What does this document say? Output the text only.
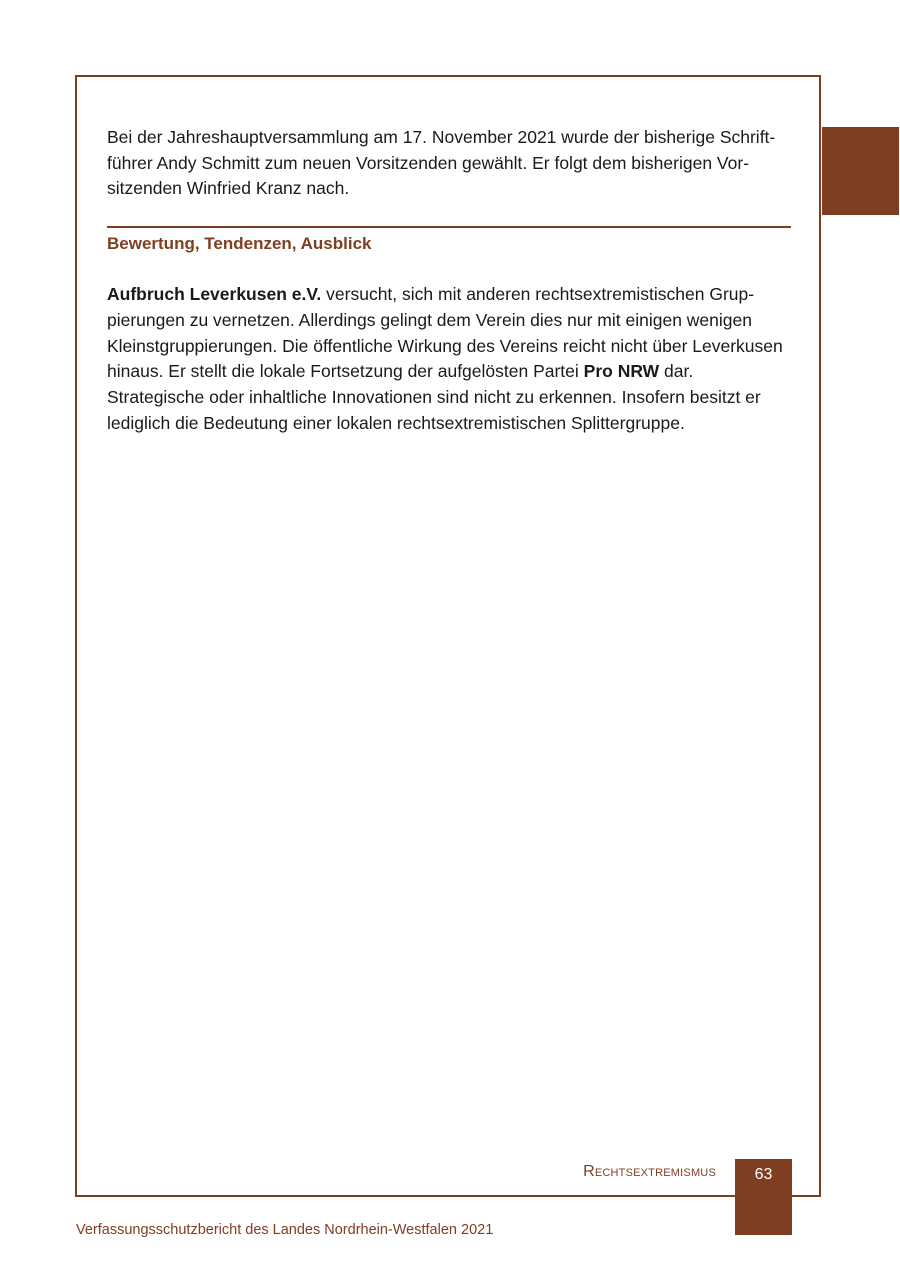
Bei der Jahreshauptversammlung am 17. November 2021 wurde der bisherige Schriftführer Andy Schmitt zum neuen Vorsitzenden gewählt. Er folgt dem bisherigen Vorsitzenden Winfried Kranz nach.

Bewertung, Tendenzen, Ausblick

Aufbruch Leverkusen e.V. versucht, sich mit anderen rechtsextremistischen Gruppierungen zu vernetzen. Allerdings gelingt dem Verein dies nur mit einigen wenigen Kleinstgruppierungen. Die öffentliche Wirkung des Vereins reicht nicht über Leverkusen hinaus. Er stellt die lokale Fortsetzung der aufgelösten Partei Pro NRW dar. Strategische oder inhaltliche Innovationen sind nicht zu erkennen. Insofern besitzt er lediglich die Bedeutung einer lokalen rechtsextremistischen Splittergruppe.

Rechtsextremismus	63
Verfassungsschutzbericht des Landes Nordrhein-Westfalen 2021
